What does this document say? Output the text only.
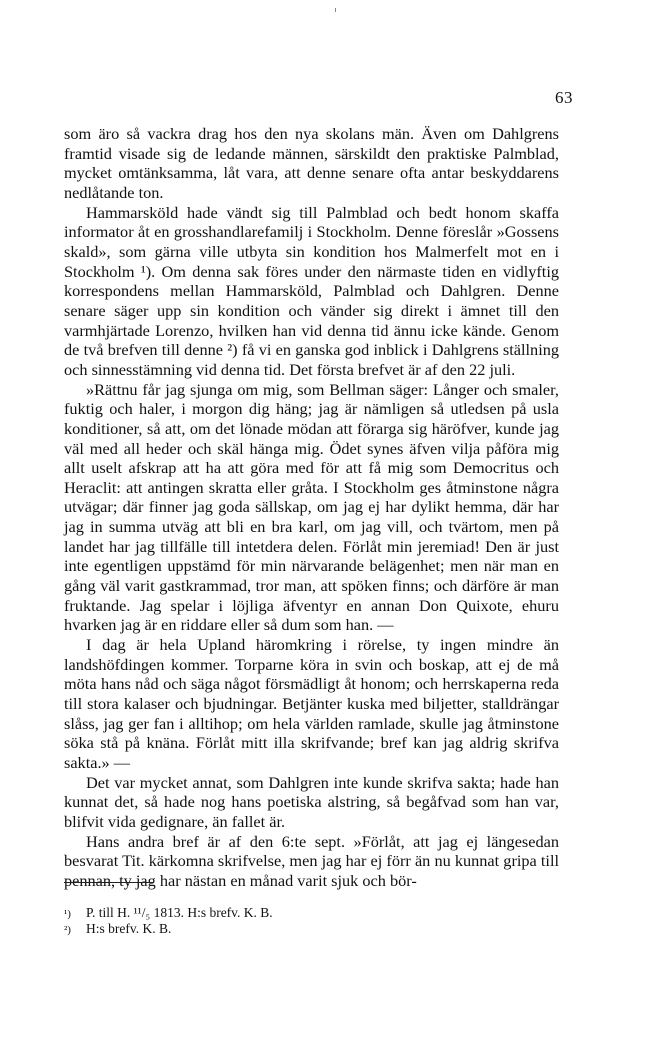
63

som äro så vackra drag hos den nya skolans män. Även om Dahlgrens framtid visade sig de ledande männen, särskildt den praktiske Palmblad, mycket omtänksamma, låt vara, att denne senare ofta antar beskyddarens nedlåtande ton.

Hammarsköld hade vändt sig till Palmblad och bedt honom skaffa informator åt en grosshandlarefamilj i Stockholm. Denne föreslår »Gossens skald», som gärna ville utbyta sin kondition hos Malmerfelt mot en i Stockholm ¹). Om denna sak föres under den närmaste tiden en vidlyftig korrespondens mellan Hammarsköld, Palmblad och Dahlgren. Denne senare säger upp sin kondition och vänder sig direkt i ämnet till den varmhjärtade Lorenzo, hvilken han vid denna tid ännu icke kände. Genom de två brefven till denne ²) få vi en ganska god inblick i Dahlgrens ställning och sinnesstämning vid denna tid. Det första brefvet är af den 22 juli.

»Rättnu får jag sjunga om mig, som Bellman säger: Långer och smaler, fuktig och haler, i morgon dig häng; jag är nämligen så utledsen på usla konditioner, så att, om det lönade mödan att förarga sig häröfver, kunde jag väl med all heder och skäl hänga mig. Ödet synes äfven vilja påföra mig allt uselt afskrap att ha att göra med för att få mig som Democritus och Heraclit: att antingen skratta eller gråta. I Stockholm ges åtminstone några utvägar; där finner jag goda sällskap, om jag ej har dylikt hemma, där har jag in summa utväg att bli en bra karl, om jag vill, och tvärtom, men på landet har jag tillfälle till intetdera delen. Förlåt min jeremiad! Den är just inte egentligen uppstämd för min närvarande belägenhet; men när man en gång väl varit gastkrammad, tror man, att spöken finns; och därföre är man fruktande. Jag spelar i löjliga äfventyr en annan Don Quixote, ehuru hvarken jag är en riddare eller så dum som han. —

I dag är hela Upland häromkring i rörelse, ty ingen mindre än landshöfdingen kommer. Torparne köra in svin och boskap, att ej de må möta hans nåd och säga något försmädligt åt honom; och herrskaperna reda till stora kalaser och bjudningar. Betjänter kuska med biljetter, stalldrängar slåss, jag ger fan i alltihop; om hela världen ramlade, skulle jag åtminstone söka stå på knäna. Förlåt mitt illa skrifvande; bref kan jag aldrig skrifva sakta.» —

Det var mycket annat, som Dahlgren inte kunde skrifva sakta; hade han kunnat det, så hade nog hans poetiska alstring, så begåfvad som han var, blifvit vida gedignare, än fallet är.

Hans andra bref är af den 6:te sept. »Förlåt, att jag ej längesedan besvarat Tit. kärkomna skrifvelse, men jag har ej förr än nu kunnat gripa till pennan, ty jag har nästan en månad varit sjuk och bör-

¹)	P. till H. ¹¹/₅ 1813. H:s brefv. K. B.
²)	H:s brefv. K. B.
